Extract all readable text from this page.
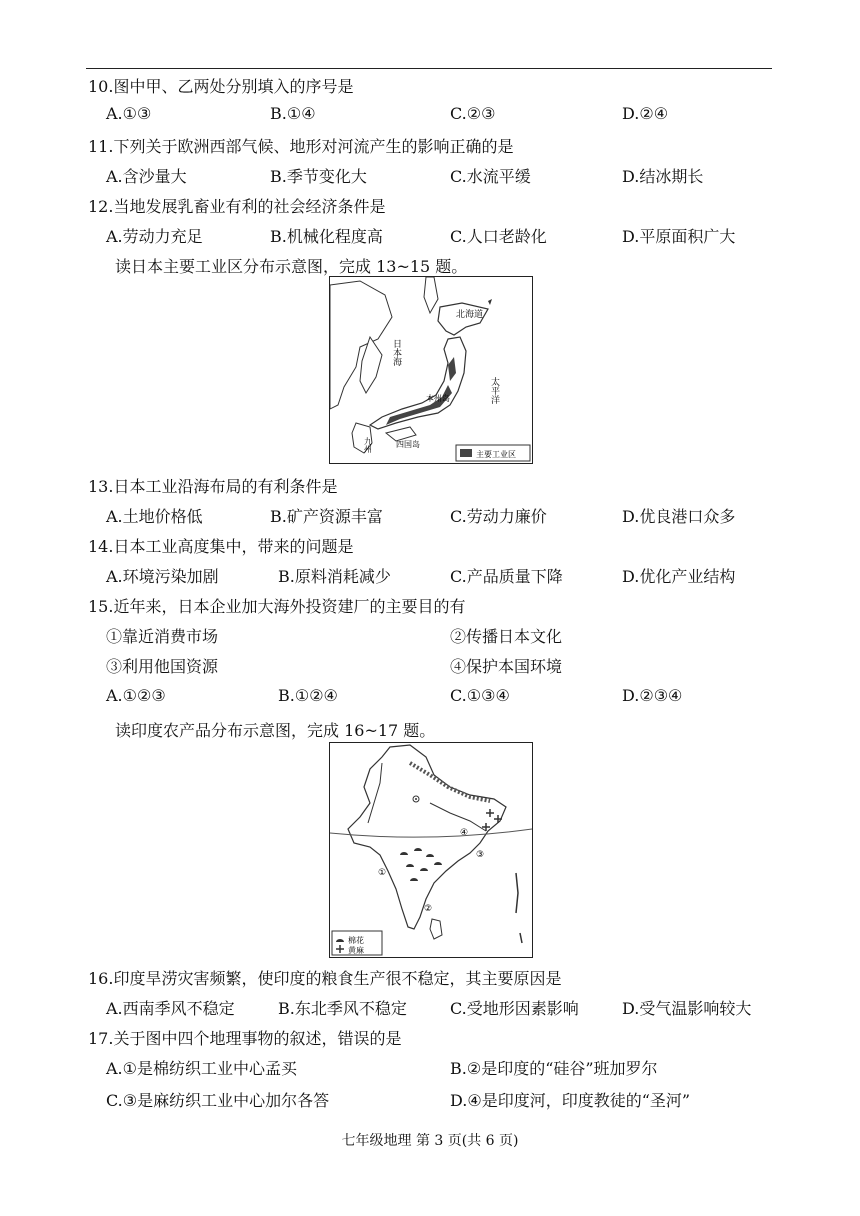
10.图中甲、乙两处分别填入的序号是
A.①③	B.①④	C.②③	D.②④
11.下列关于欧洲西部气候、地形对河流产生的影响正确的是
A.含沙量大	B.季节变化大	C.水流平缓	D.结冰期长
12.当地发展乳畜业有利的社会经济条件是
A.劳动力充足	B.机械化程度高	C.人口老龄化	D.平原面积广大
读日本主要工业区分布示意图，完成 13~15 题。
日本海
太平洋
北海道
本州岛
九州	四国岛
主要工业区
13.日本工业沿海布局的有利条件是
A.土地价格低	B.矿产资源丰富	C.劳动力廉价	D.优良港口众多
14.日本工业高度集中，带来的问题是
A.环境污染加剧	B.原料消耗减少	C.产品质量下降	D.优化产业结构
15.近年来，日本企业加大海外投资建厂的主要目的有
①靠近消费市场	②传播日本文化
③利用他国资源	④保护本国环境
A.①②③	B.①②④	C.①③④	D.②③④
读印度农产品分布示意图，完成 16~17 题。
①
②
③
④
棉花
黄麻
16.印度旱涝灾害频繁，使印度的粮食生产很不稳定，其主要原因是
A.西南季风不稳定	B.东北季风不稳定	C.受地形因素影响	D.受气温影响较大
17.关于图中四个地理事物的叙述，错误的是
A.①是棉纺织工业中心孟买	B.②是印度的“硅谷”班加罗尔
C.③是麻纺织工业中心加尔各答	D.④是印度河，印度教徒的“圣河”
七年级地理 第 3 页(共 6 页)
